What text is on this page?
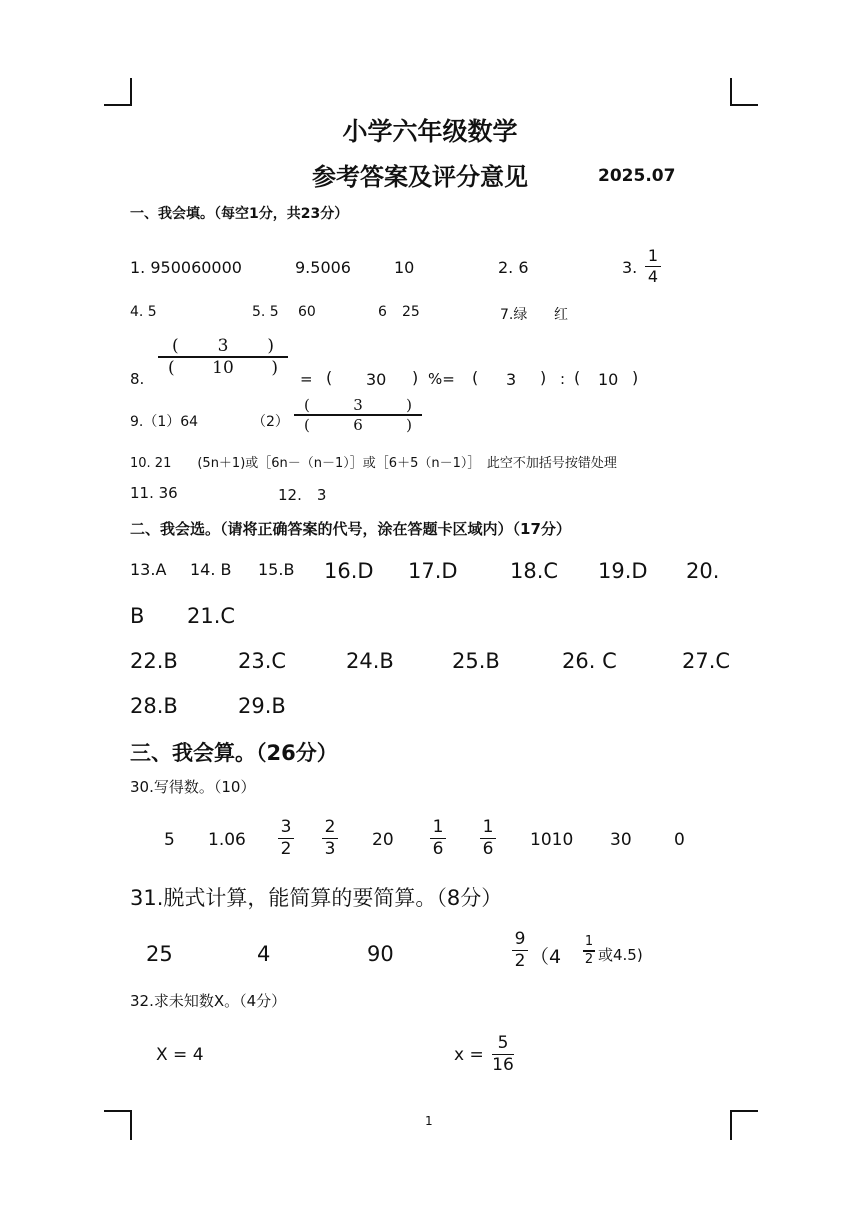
小学六年级数学
参考答案及评分意见	2025.07
一、我会填。（每空1分，共23分）
1. 950060000	9.5006	10	2. 6	3.
1
4
4. 5	5. 5 60	6 25	7.绿 红
8.
( 3 )
( 10 )
= ( 30 ) %= ( 3 ) : ( 10 )
9.（1）64	（2）
(	3	)
(	6	)
10. 21　　(5n＋1)或［6n－（n－1）］或［6＋5（n－1）］　此空不加括号按错处理
11. 36	12.　3
二、我会选。（请将正确答案的代号，涂在答题卡区域内）（17分）
13.A 14. B 15.B 16.D 17.D 18.C 19.D 20.
B 21.C
22.B	23.C	24.B	25.B	26. C	27.C
28.B	29.B
三、我会算。（26分）
30.写得数。（10）
5 1.06
3
2
2
3 20
1
6
1
6 1010 30 0
31.脱式计算，能简算的要简算。（8分）
25	4	90
9
2 （4
1
2 或4.5)
32.求未知数X。（4分）
X = 4	x =
5
16
1
